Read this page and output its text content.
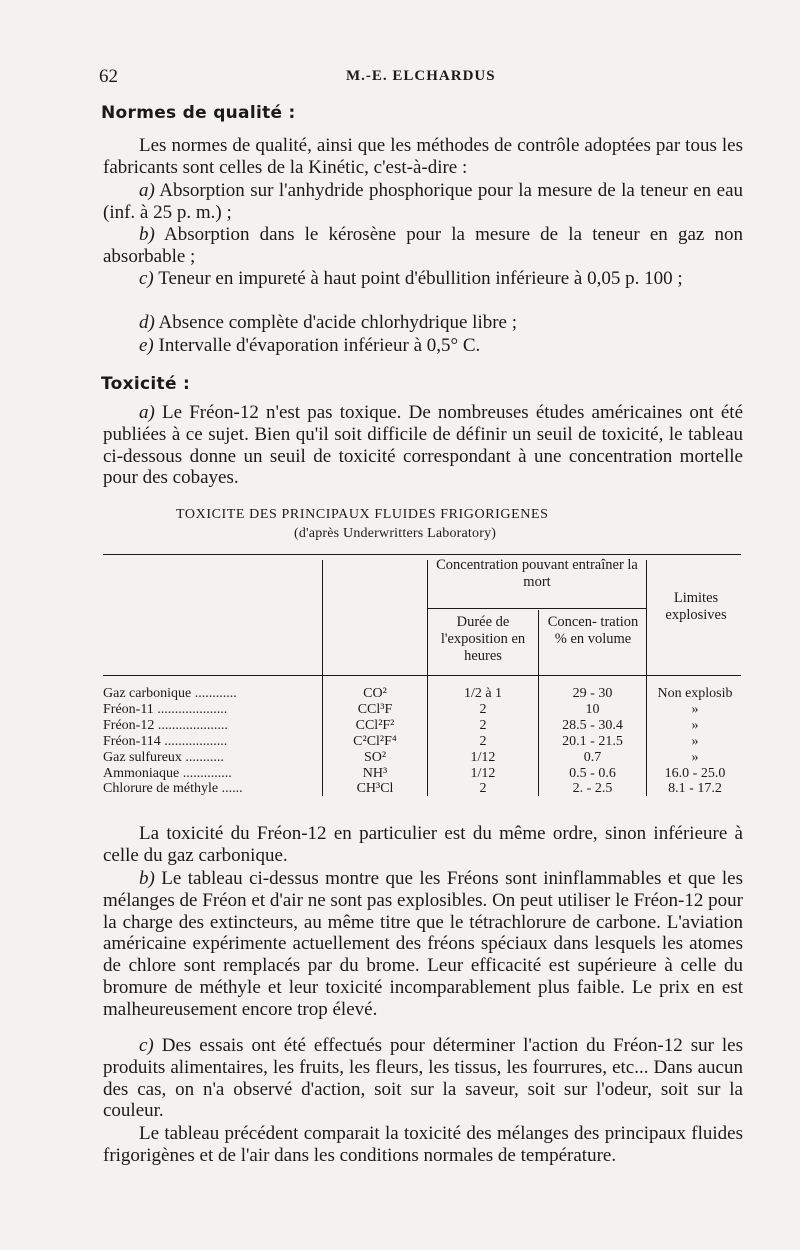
62	M.-E. ELCHARDUS
Normes de qualité :
Les normes de qualité, ainsi que les méthodes de contrôle adoptées par tous les fabricants sont celles de la Kinétic, c'est-à-dire :
a) Absorption sur l'anhydride phosphorique pour la mesure de la teneur en eau (inf. à 25 p. m.) ;
b) Absorption dans le kérosène pour la mesure de la teneur en gaz non absorbable ;
c) Teneur en impureté à haut point d'ébullition inférieure à 0,05 p. 100 ;
d) Absence complète d'acide chlorhydrique libre ;
e) Intervalle d'évaporation inférieur à 0,5° C.
Toxicité :
a) Le Fréon-12 n'est pas toxique. De nombreuses études américaines ont été publiées à ce sujet. Bien qu'il soit difficile de définir un seuil de toxicité, le tableau ci-dessous donne un seuil de toxicité correspondant à une concentration mortelle pour des cobayes.
TOXICITE DES PRINCIPAUX FLUIDES FRIGORIGENES
(d'après Underwritters Laboratory)
Concentration pouvant entraîner la mort
Durée de l'exposition en heures
Concen- tration % en volume
Limites explosives
Gaz carbonique ............	CO²	1/2 à 1	29 - 30	Non explosib
Fréon-11 ....................	CCl³F	2	10	»
Fréon-12 ....................	CCl²F²	2	28.5 - 30.4	»
Fréon-114 ..................	C²Cl²F⁴	2	20.1 - 21.5	»
Gaz sulfureux ...........	SO²	1/12	0.7	»
Ammoniaque ..............	NH³	1/12	0.5 - 0.6	16.0 - 25.0
Chlorure de méthyle ......	CH³Cl	2	2. - 2.5	8.1 - 17.2
La toxicité du Fréon-12 en particulier est du même ordre, sinon inférieure à celle du gaz carbonique.
b) Le tableau ci-dessus montre que les Fréons sont ininflammables et que les mélanges de Fréon et d'air ne sont pas explosibles. On peut utiliser le Fréon-12 pour la charge des extincteurs, au même titre que le tétrachlorure de carbone. L'aviation américaine expérimente actuellement des fréons spéciaux dans lesquels les atomes de chlore sont remplacés par du brome. Leur efficacité est supérieure à celle du bromure de méthyle et leur toxicité incomparablement plus faible. Le prix en est malheureusement encore trop élevé.
c) Des essais ont été effectués pour déterminer l'action du Fréon-12 sur les produits alimentaires, les fruits, les fleurs, les tissus, les fourrures, etc... Dans aucun des cas, on n'a observé d'action, soit sur la saveur, soit sur l'odeur, soit sur la couleur.
Le tableau précédent comparait la toxicité des mélanges des principaux fluides frigorigènes et de l'air dans les conditions normales de température.
